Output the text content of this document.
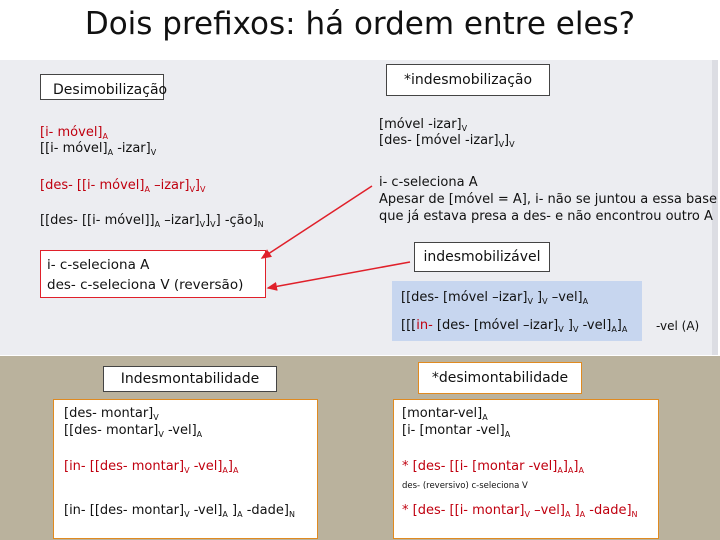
Dois prefixos: há ordem entre eles?
Desimobilização
[i- $móvel]_A$
[[i- $móvel]_A$ $-izar]_V$
[des- [[i- $móvel]_A$ $-izar]_V]_V$
[[des- [[i- $móvel]]_A$ $-izar]_V]_V$] $-ção]_N$
i- c-seleciona A
des- c-seleciona V (reversão)
*indesmobilização
[móvel $-izar]_V$
[des- [móvel $-izar]_V]_V$
i- c-seleciona A
Apesar de [móvel = A], i- não se juntou a essa base
que já estava presa a des- e não encontrou outro A
indesmobilizável
[[des- [móvel $-izar]_V$ ]$_V$ $-vel]_A$
[[[in- [des- [móvel $-izar]_V$ ]$_V$ $-vel]_A]_A$ -vel (A)
Indesmontabilidade
[des- $montar]_V$
[[des- $montar]_V$ $-vel]_A$
[in- [[des- $montar]_V$ $-vel]_A]_A$
[in- [[des- $montar]_V$ $-vel]_A$ ]$_A$ $-dade]_N$
*desimontabilidade
$[montar-vel]_A$
[i- [montar $-vel]_A$
* [des- [[i- [montar $-vel]_A]_A]_A$
des- (reversivo) c-seleciona V
* [des- [[i- $montar]_V$ $-vel]_A$ ]$_A$ $-dade]_N$
